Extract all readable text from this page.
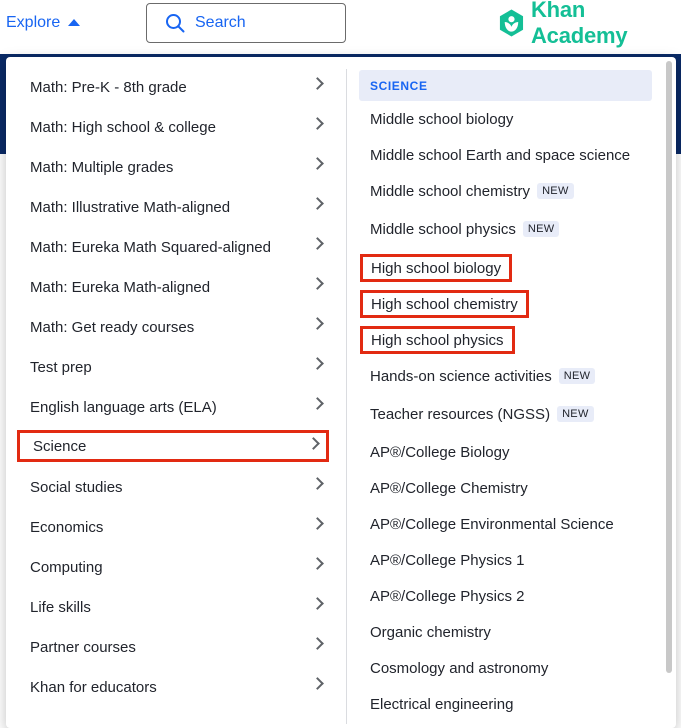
Explore	Search
Khan Academy
Math: Pre-K - 8th grade
Math: High school & college
Math: Multiple grades
Math: Illustrative Math-aligned
Math: Eureka Math Squared-aligned
Math: Eureka Math-aligned
Math: Get ready courses
Test prep
English language arts (ELA)
Science
Social studies
Economics
Computing
Life skills
Partner courses
Khan for educators
SCIENCE
Middle school biology
Middle school Earth and space science
Middle school chemistry	NEW
Middle school physics	NEW
High school biology
High school chemistry
High school physics
Hands-on science activities	NEW
Teacher resources (NGSS)	NEW
AP®/College Biology
AP®/College Chemistry
AP®/College Environmental Science
AP®/College Physics 1
AP®/College Physics 2
Organic chemistry
Cosmology and astronomy
Electrical engineering
